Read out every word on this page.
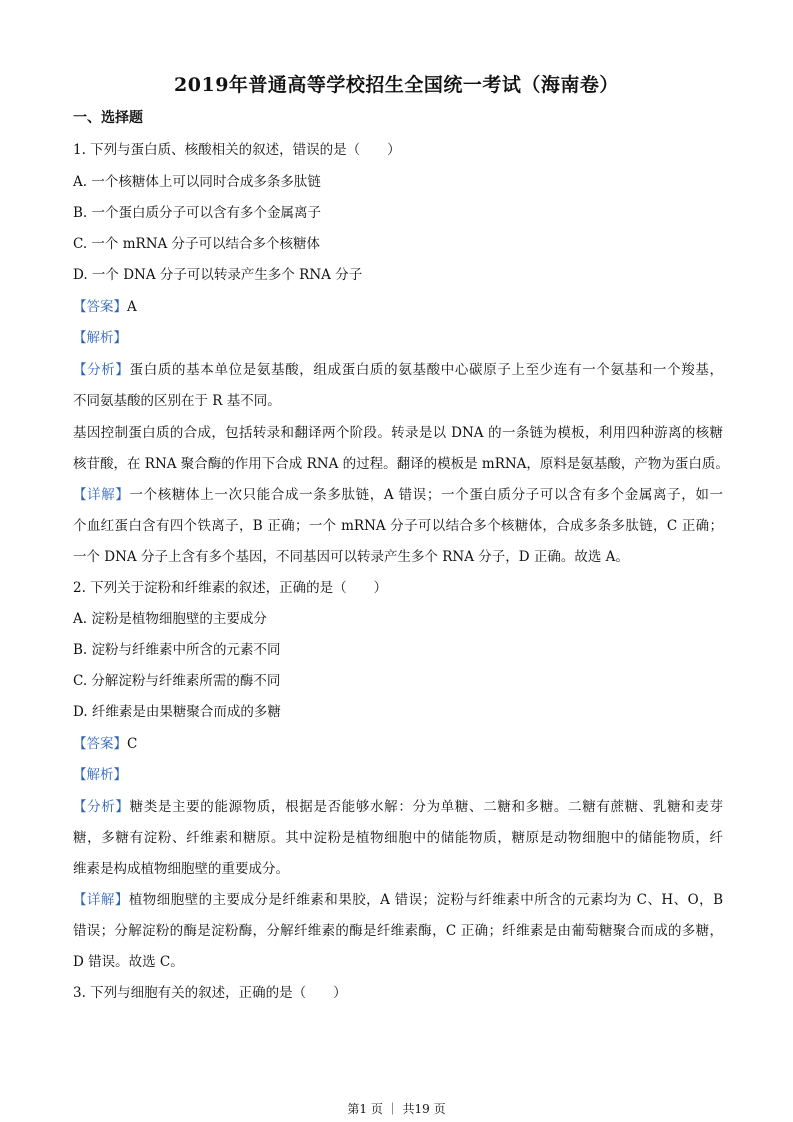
2019年普通高等学校招生全国统一考试（海南卷）
一、选择题
1. 下列与蛋白质、核酸相关的叙述，错误的是（　　）
A. 一个核糖体上可以同时合成多条多肽链
B. 一个蛋白质分子可以含有多个金属离子
C. 一个 mRNA 分子可以结合多个核糖体
D. 一个 DNA 分子可以转录产生多个 RNA 分子
【答案】A
【解析】
【分析】蛋白质的基本单位是氨基酸，组成蛋白质的氨基酸中心碳原子上至少连有一个氨基和一个羧基，
不同氨基酸的区别在于 R 基不同。
基因控制蛋白质的合成，包括转录和翻译两个阶段。转录是以 DNA 的一条链为模板，利用四种游离的核糖
核苷酸，在 RNA 聚合酶的作用下合成 RNA 的过程。翻译的模板是 mRNA，原料是氨基酸，产物为蛋白质。
【详解】一个核糖体上一次只能合成一条多肽链，A 错误；一个蛋白质分子可以含有多个金属离子，如一
个血红蛋白含有四个铁离子，B 正确；一个 mRNA 分子可以结合多个核糖体，合成多条多肽链，C 正确；
一个 DNA 分子上含有多个基因，不同基因可以转录产生多个 RNA 分子，D 正确。故选 A。
2. 下列关于淀粉和纤维素的叙述，正确的是（　　）
A. 淀粉是植物细胞壁的主要成分
B. 淀粉与纤维素中所含的元素不同
C. 分解淀粉与纤维素所需的酶不同
D. 纤维素是由果糖聚合而成的多糖
【答案】C
【解析】
【分析】糖类是主要的能源物质，根据是否能够水解：分为单糖、二糖和多糖。二糖有蔗糖、乳糖和麦芽
糖，多糖有淀粉、纤维素和糖原。其中淀粉是植物细胞中的储能物质，糖原是动物细胞中的储能物质，纤
维素是构成植物细胞壁的重要成分。
【详解】植物细胞壁的主要成分是纤维素和果胶，A 错误；淀粉与纤维素中所含的元素均为 C、H、O，B
错误；分解淀粉的酶是淀粉酶，分解纤维素的酶是纤维素酶，C 正确；纤维素是由葡萄糖聚合而成的多糖，
D 错误。故选 C。
3. 下列与细胞有关的叙述，正确的是（　　）
第1 页 ｜ 共19 页
